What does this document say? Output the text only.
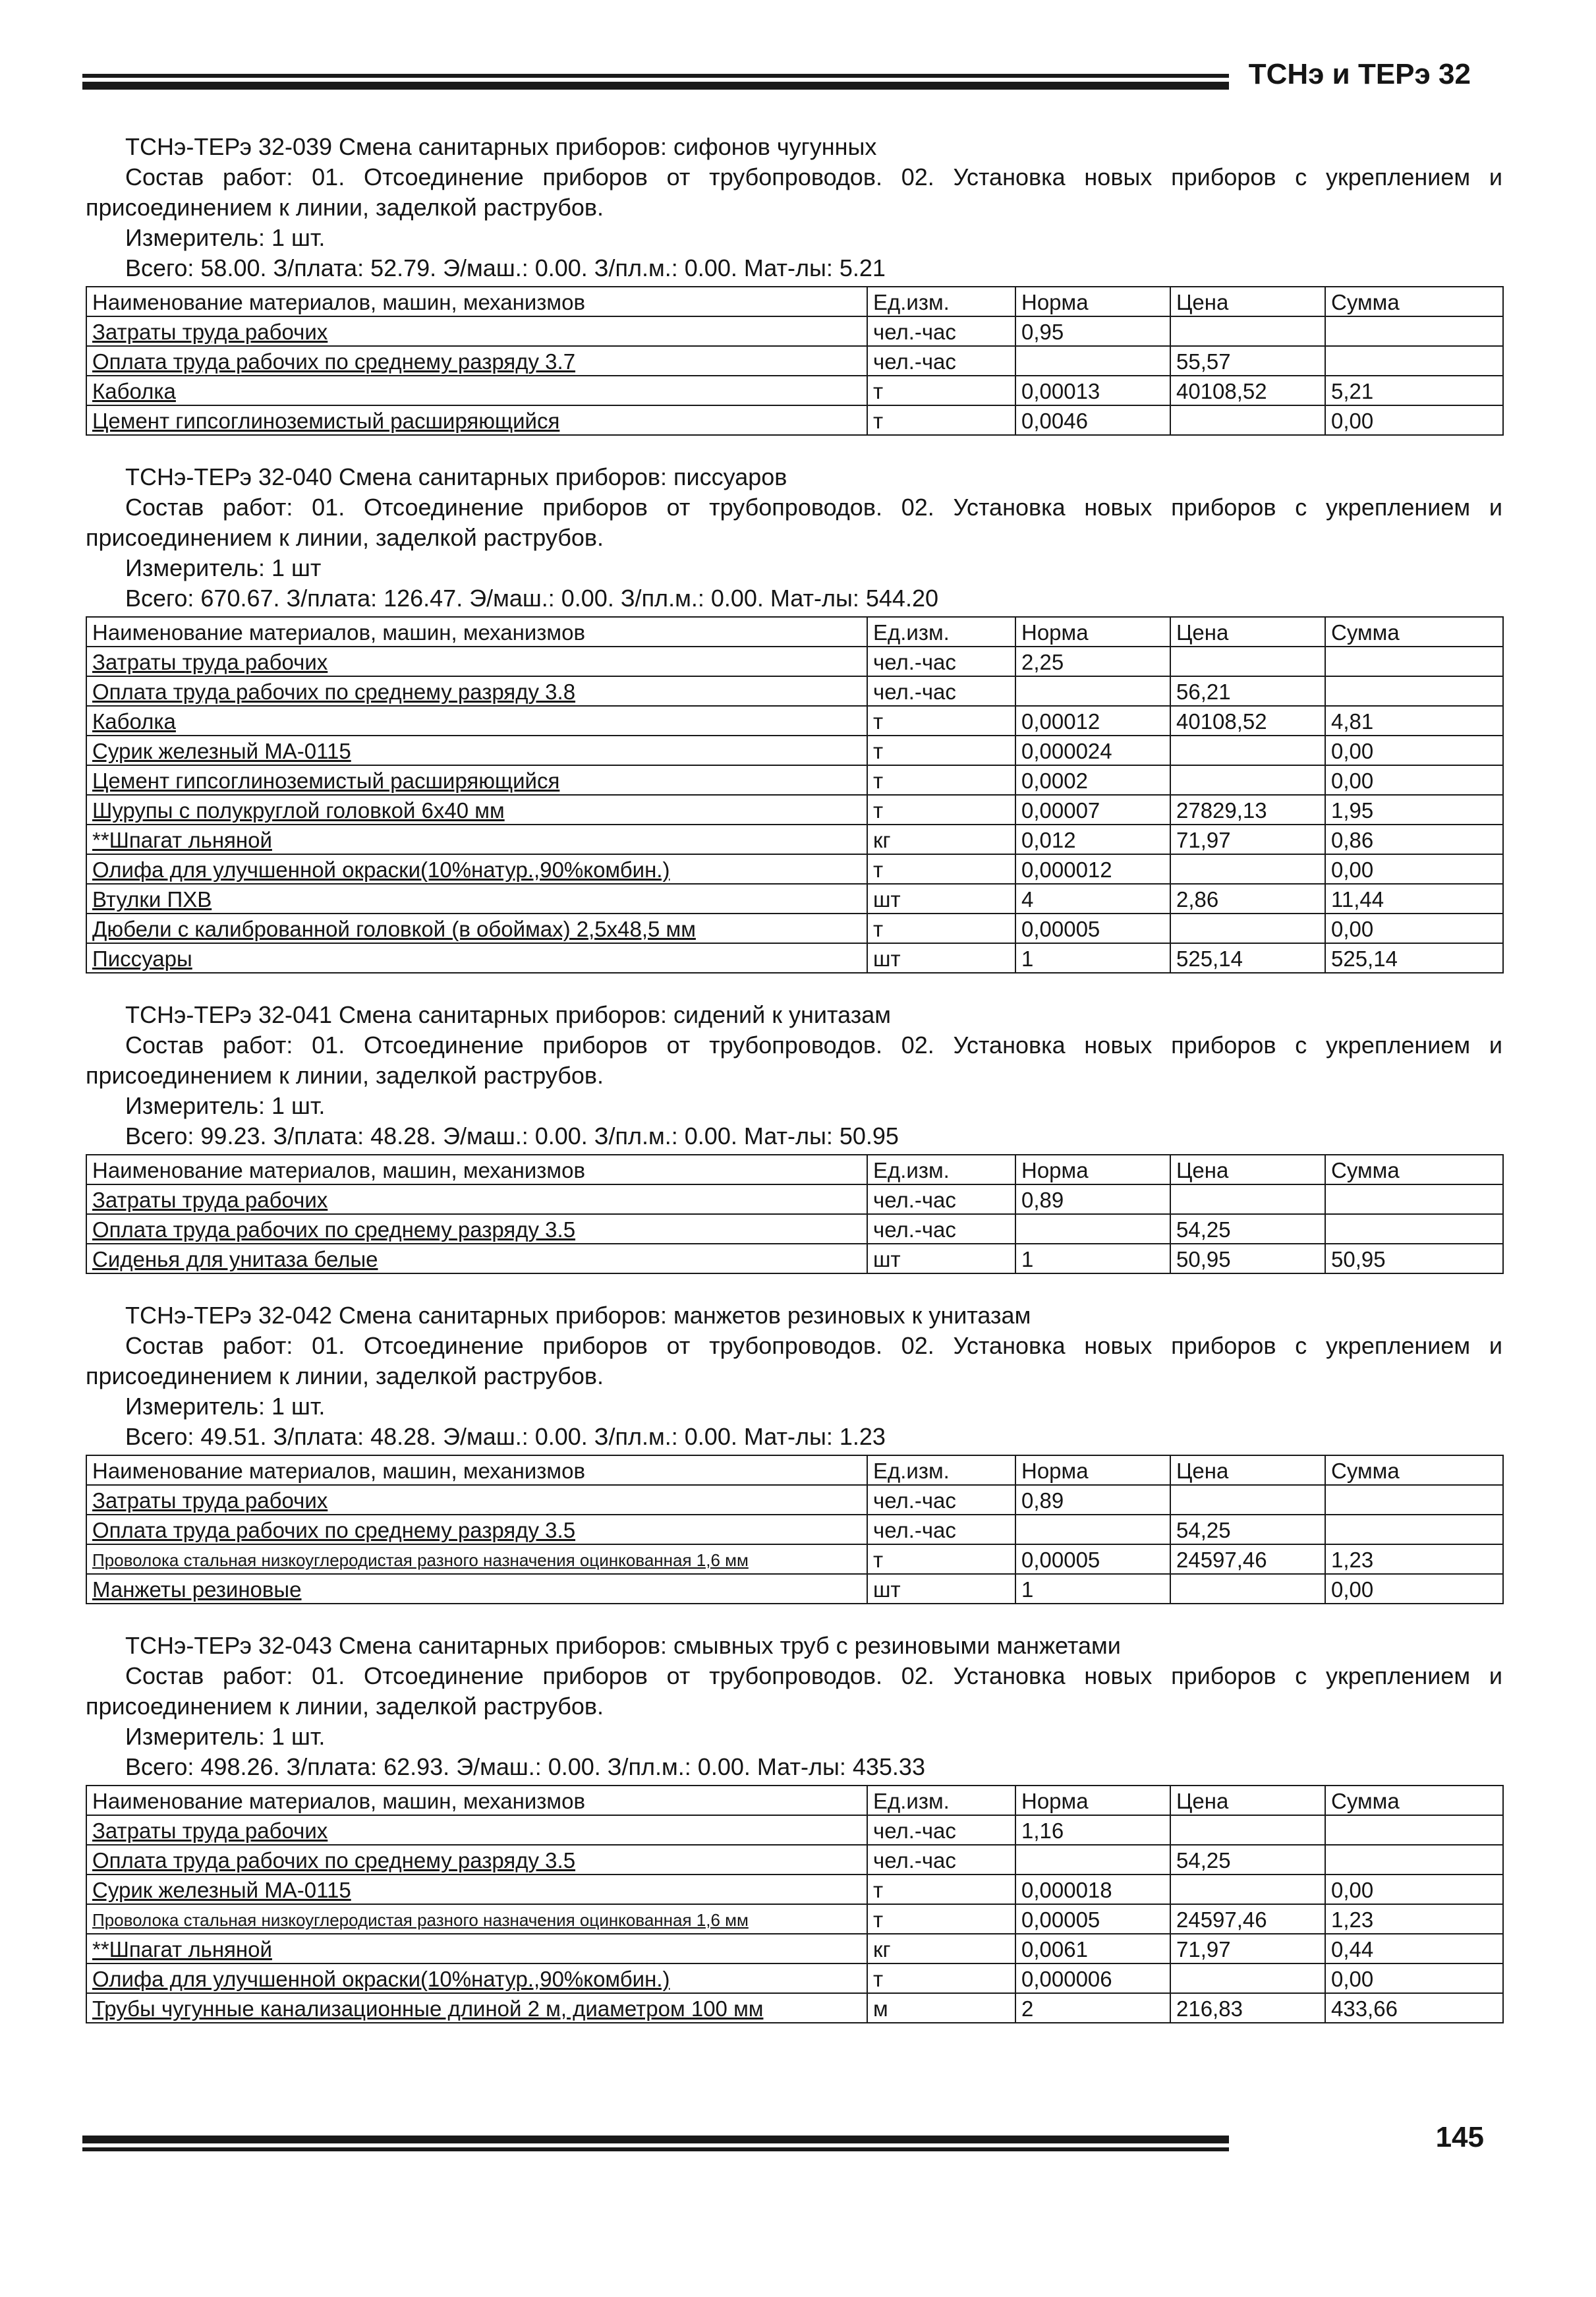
ТСНэ и ТЕРэ 32

ТСНэ-ТЕРэ 32-039 Смена санитарных приборов: сифонов чугунных

Состав работ: 01. Отсоединение приборов от трубопроводов. 02. Установка новых приборов с укреплением и присоединением к линии, заделкой раструбов.

Измеритель: 1 шт.

Всего: 58.00. З/плата: 52.79. Э/маш.: 0.00. З/пл.м.: 0.00. Мат-лы: 5.21

Наименование материалов, машин, механизмов	Ед.изм.	Норма	Цена	Сумма
Затраты труда рабочих	чел.-час	0,95		
Оплата труда рабочих по среднему разряду 3.7	чел.-час		55,57	
Каболка	т	0,00013	40108,52	5,21
Цемент гипсоглиноземистый расширяющийся	т	0,0046		0,00

ТСНэ-ТЕРэ 32-040 Смена санитарных приборов: писсуаров

Состав работ: 01. Отсоединение приборов от трубопроводов. 02. Установка новых приборов с укреплением и присоединением к линии, заделкой раструбов.

Измеритель: 1 шт

Всего: 670.67. З/плата: 126.47. Э/маш.: 0.00. З/пл.м.: 0.00. Мат-лы: 544.20

Наименование материалов, машин, механизмов	Ед.изм.	Норма	Цена	Сумма
Затраты труда рабочих	чел.-час	2,25		
Оплата труда рабочих по среднему разряду 3.8	чел.-час		56,21	
Каболка	т	0,00012	40108,52	4,81
Сурик железный МА-0115	т	0,000024		0,00
Цемент гипсоглиноземистый расширяющийся	т	0,0002		0,00
Шурупы с полукруглой головкой 6х40 мм	т	0,00007	27829,13	1,95
**Шпагат льняной	кг	0,012	71,97	0,86
Олифа для улучшенной окраски(10%натур.,90%комбин.)	т	0,000012		0,00
Втулки ПХВ	шт	4	2,86	11,44
Дюбели с калиброванной головкой (в обоймах) 2,5х48,5 мм	т	0,00005		0,00
Писсуары	шт	1	525,14	525,14

ТСНэ-ТЕРэ 32-041 Смена санитарных приборов: сидений к унитазам

Состав работ: 01. Отсоединение приборов от трубопроводов. 02. Установка новых приборов с укреплением и присоединением к линии, заделкой раструбов.

Измеритель: 1 шт.

Всего: 99.23. З/плата: 48.28. Э/маш.: 0.00. З/пл.м.: 0.00. Мат-лы: 50.95

Наименование материалов, машин, механизмов	Ед.изм.	Норма	Цена	Сумма
Затраты труда рабочих	чел.-час	0,89		
Оплата труда рабочих по среднему разряду 3.5	чел.-час		54,25	
Сиденья для унитаза белые	шт	1	50,95	50,95

ТСНэ-ТЕРэ 32-042 Смена санитарных приборов: манжетов резиновых к унитазам

Состав работ: 01. Отсоединение приборов от трубопроводов. 02. Установка новых приборов с укреплением и присоединением к линии, заделкой раструбов.

Измеритель: 1 шт.

Всего: 49.51. З/плата: 48.28. Э/маш.: 0.00. З/пл.м.: 0.00. Мат-лы: 1.23

Наименование материалов, машин, механизмов	Ед.изм.	Норма	Цена	Сумма
Затраты труда рабочих	чел.-час	0,89		
Оплата труда рабочих по среднему разряду 3.5	чел.-час		54,25	
Проволока стальная низкоуглеродистая разного назначения оцинкованная 1,6 мм	т	0,00005	24597,46	1,23
Манжеты резиновые	шт	1		0,00

ТСНэ-ТЕРэ 32-043 Смена санитарных приборов: смывных труб с резиновыми манжетами

Состав работ: 01. Отсоединение приборов от трубопроводов. 02. Установка новых приборов с укреплением и присоединением к линии, заделкой раструбов.

Измеритель: 1 шт.

Всего: 498.26. З/плата: 62.93. Э/маш.: 0.00. З/пл.м.: 0.00. Мат-лы: 435.33

Наименование материалов, машин, механизмов	Ед.изм.	Норма	Цена	Сумма
Затраты труда рабочих	чел.-час	1,16		
Оплата труда рабочих по среднему разряду 3.5	чел.-час		54,25	
Сурик железный МА-0115	т	0,000018		0,00
Проволока стальная низкоуглеродистая разного назначения оцинкованная 1,6 мм	т	0,00005	24597,46	1,23
**Шпагат льняной	кг	0,0061	71,97	0,44
Олифа для улучшенной окраски(10%натур.,90%комбин.)	т	0,000006		0,00
Трубы чугунные канализационные длиной 2 м, диаметром 100 мм	м	2	216,83	433,66
145
